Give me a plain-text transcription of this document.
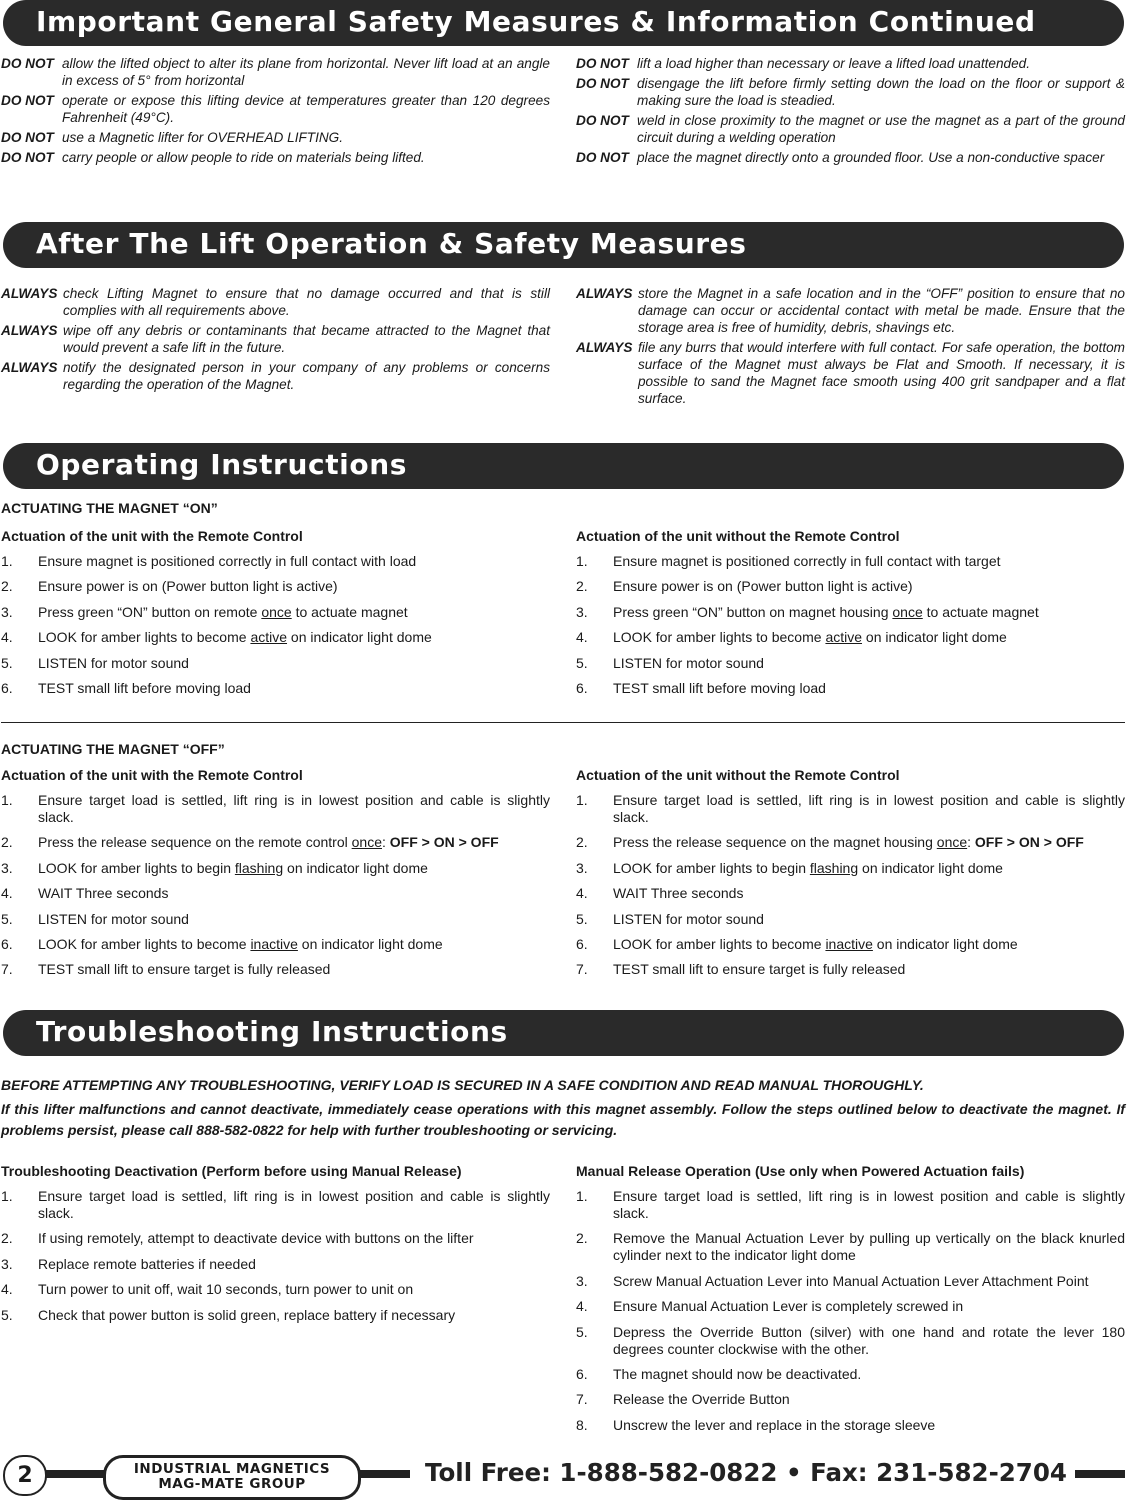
Important General Safety Measures & Information Continued
After The Lift Operation & Safety Measures
Operating Instructions
Troubleshooting Instructions
DO NOT allow the lifted object to alter its plane from horizontal. Never lift load at an angle in excess of 5° from horizontal
DO NOT operate or expose this lifting device at temperatures greater than 120 degrees Fahrenheit (49°C).
DO NOT use a Magnetic lifter for OVERHEAD LIFTING.
DO NOT carry people or allow people to ride on materials being lifted.
DO NOT lift a load higher than necessary or leave a lifted load unattended.
DO NOT disengage the lift before firmly setting down the load on the floor or support & making sure the load is steadied.
DO NOT weld in close proximity to the magnet or use the magnet as a part of the ground circuit during a welding operation
DO NOT place the magnet directly onto a grounded floor. Use a non-conductive spacer
ALWAYS check Lifting Magnet to ensure that no damage occurred and that is still complies with all requirements above.
ALWAYS wipe off any debris or contaminants that became attracted to the Magnet that would prevent a safe lift in the future.
ALWAYS notify the designated person in your company of any problems or concerns regarding the operation of the Magnet.
ALWAYS store the Magnet in a safe location and in the “OFF” position to ensure that no damage can occur or accidental contact with metal be made. Ensure that the storage area is free of humidity, debris, shavings etc.
ALWAYS file any burrs that would interfere with full contact. For safe operation, the bottom surface of the Magnet must always be Flat and Smooth. If necessary, it is possible to sand the Magnet face smooth using 400 grit sandpaper and a flat surface.
ACTUATING THE MAGNET “ON”
Actuation of the unit with the Remote Control
1.	Ensure magnet is positioned correctly in full contact with load
2.	Ensure power is on (Power button light is active)
3.	Press green “ON” button on remote once to actuate magnet
4.	LOOK for amber lights to become active on indicator light dome
5.	LISTEN for motor sound
6.	TEST small lift before moving load
Actuation of the unit without the Remote Control
1.	Ensure magnet is positioned correctly in full contact with target
2.	Ensure power is on (Power button light is active)
3.	Press green “ON” button on magnet housing once to actuate magnet
4.	LOOK for amber lights to become active on indicator light dome
5.	LISTEN for motor sound
6.	TEST small lift before moving load
ACTUATING THE MAGNET “OFF”
Actuation of the unit with the Remote Control
1.	Ensure target load is settled, lift ring is in lowest position and cable is slightly slack.
2.	Press the release sequence on the remote control once: OFF > ON > OFF
3.	LOOK for amber lights to begin flashing on indicator light dome
4.	WAIT Three seconds
5.	LISTEN for motor sound
6.	LOOK for amber lights to become inactive on indicator light dome
7.	TEST small lift to ensure target is fully released
Actuation of the unit without the Remote Control
1.	Ensure target load is settled, lift ring is in lowest position and cable is slightly slack.
2.	Press the release sequence on the magnet housing once: OFF > ON > OFF
3.	LOOK for amber lights to begin flashing on indicator light dome
4.	WAIT Three seconds
5.	LISTEN for motor sound
6.	LOOK for amber lights to become inactive on indicator light dome
7.	TEST small lift to ensure target is fully released
BEFORE ATTEMPTING ANY TROUBLESHOOTING, VERIFY LOAD IS SECURED IN A SAFE CONDITION AND READ MANUAL THOROUGHLY.
If this lifter malfunctions and cannot deactivate, immediately cease operations with this magnet assembly. Follow the steps outlined below to deactivate the magnet. If problems persist, please call 888-582-0822 for help with further troubleshooting or servicing.
Troubleshooting Deactivation (Perform before using Manual Release)
1.	Ensure target load is settled, lift ring is in lowest position and cable is slightly slack.
2.	If using remotely, attempt to deactivate device with buttons on the lifter
3.	Replace remote batteries if needed
4.	Turn power to unit off, wait 10 seconds, turn power to unit on
5.	Check that power button is solid green, replace battery if necessary
Manual Release Operation (Use only when Powered Actuation fails)
1.	Ensure target load is settled, lift ring is in lowest position and cable is slightly slack.
2.	Remove the Manual Actuation Lever by pulling up vertically on the black knurled cylinder next to the indicator light dome
3.	Screw Manual Actuation Lever into Manual Actuation Lever Attachment Point
4.	Ensure Manual Actuation Lever is completely screwed in
5.	Depress the Override Button (silver) with one hand and rotate the lever 180 degrees counter clockwise with the other.
6.	The magnet should now be deactivated.
7.	Release the Override Button
8.	Unscrew the lever and replace in the storage sleeve
2	INDUSTRIAL MAGNETICS
MAG-MATE GROUP	Toll Free: 1-888-582-0822 • Fax: 231-582-2704
